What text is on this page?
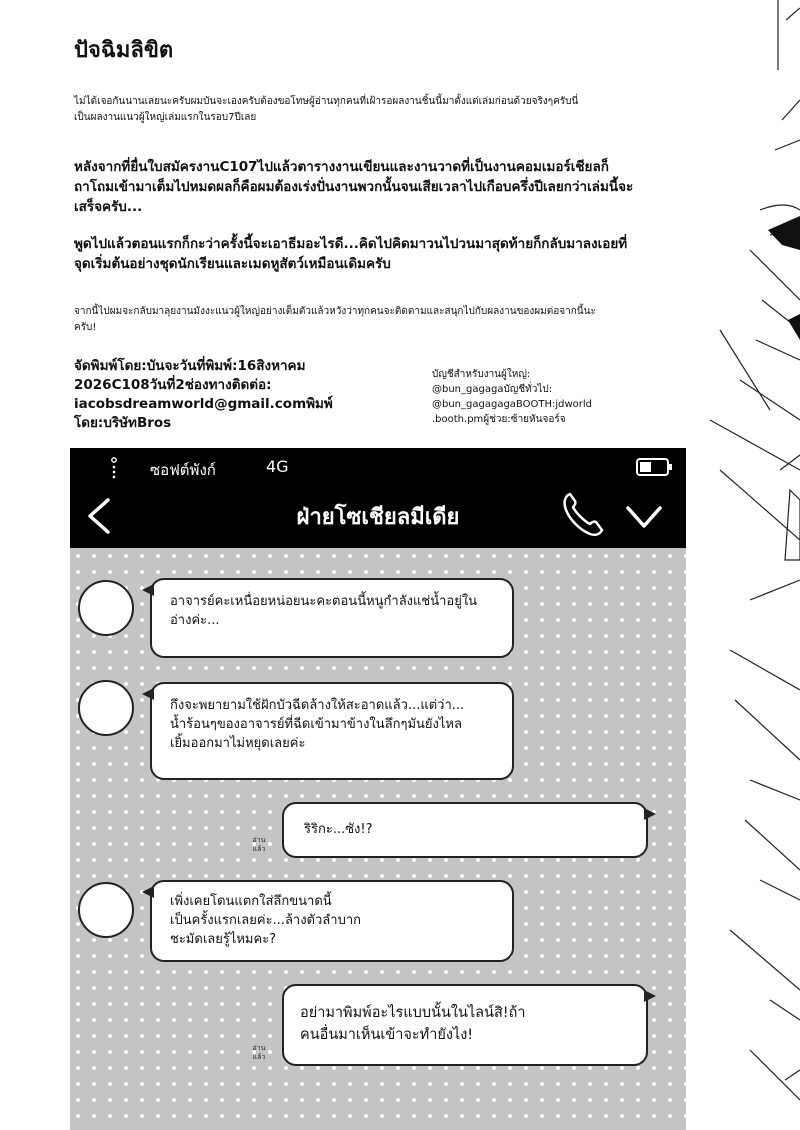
ปัจฉิมลิขิต

ไม่ได้เจอกันนานเลยนะครับผมบันจะเองครับต้องขอโทษผู้อ่านทุกคนที่เฝ้ารอผลงานชิ้นนี้มาตั้งแต่เล่มก่อนด้วยจริงๆครับนี่เป็นผลงานแนวผู้ใหญ่เล่มแรกในรอบ7ปีเลย

หลังจากที่ยื่นใบสมัครงานC107ไปแล้วตารางงานเขียนและงานวาดที่เป็นงานคอมเมอร์เชียลก็ถาโถมเข้ามาเต็มไปหมดผลก็คือผมต้องเร่งปั่นงานพวกนั้นจนเสียเวลาไปเกือบครึ่งปีเลยกว่าเล่มนี้จะเสร็จครับ...

พูดไปแล้วตอนแรกก็กะว่าครั้งนี้จะเอาธีมอะไรดี...คิดไปคิดมาวนไปวนมาสุดท้ายก็กลับมาลงเอยที่จุดเริ่มต้นอย่างชุดนักเรียนและเมดหูสัตว์เหมือนเดิมครับ

จากนี้ไปผมจะกลับมาลุยงานมังงะแนวผู้ใหญ่อย่างเต็มตัวแล้วหวังว่าทุกคนจะติดตามและสนุกไปกับผลงานของผมต่อจากนี้นะครับ!

จัดพิมพ์โดย:บันจะวันที่พิมพ์:16สิงหาคม
2026C108วันที่2ช่องทางติดต่อ:
iacobsdreamworld@gmail.comพิมพ์
โดย:บริษัทBros
บัญชีสำหรับงานผู้ใหญ่:
@bun_gagagaบัญชีทั่วไป:
@bun_gagagagaBOOTH:jdworld
.booth.pmผู้ช่วย:ซ้ายหันจอร์จ
ซอฟต์พังก์	4G
ฝ่ายโซเชียลมีเดีย
อาจารย์คะเหนื่อยหน่อยนะคะตอนนี้หนูกำลังแช่น้ำอยู่ใน
อ่างค่ะ...
กึงจะพยายามใช้ฝักบัวฉีดล้างให้สะอาดแล้ว...แต่ว่า...
น้ำร้อนๆของอาจารย์ที่ฉีดเข้ามาข้างในลึกๆมันยังไหล
เยิ้มออกมาไม่หยุดเลยค่ะ
อ่าน
แล้ว
ริริกะ...ซัง!?
เพิ่งเคยโดนแตกใส่ลึกขนาดนี้
เป็นครั้งแรกเลยค่ะ...ล้างตัวลำบาก
ชะมัดเลยรู้ไหมคะ?
อ่าน
แล้ว
อย่ามาพิมพ์อะไรแบบนั้นในไลน์สิ!ถ้า
คนอื่นมาเห็นเข้าจะทำยังไง!
